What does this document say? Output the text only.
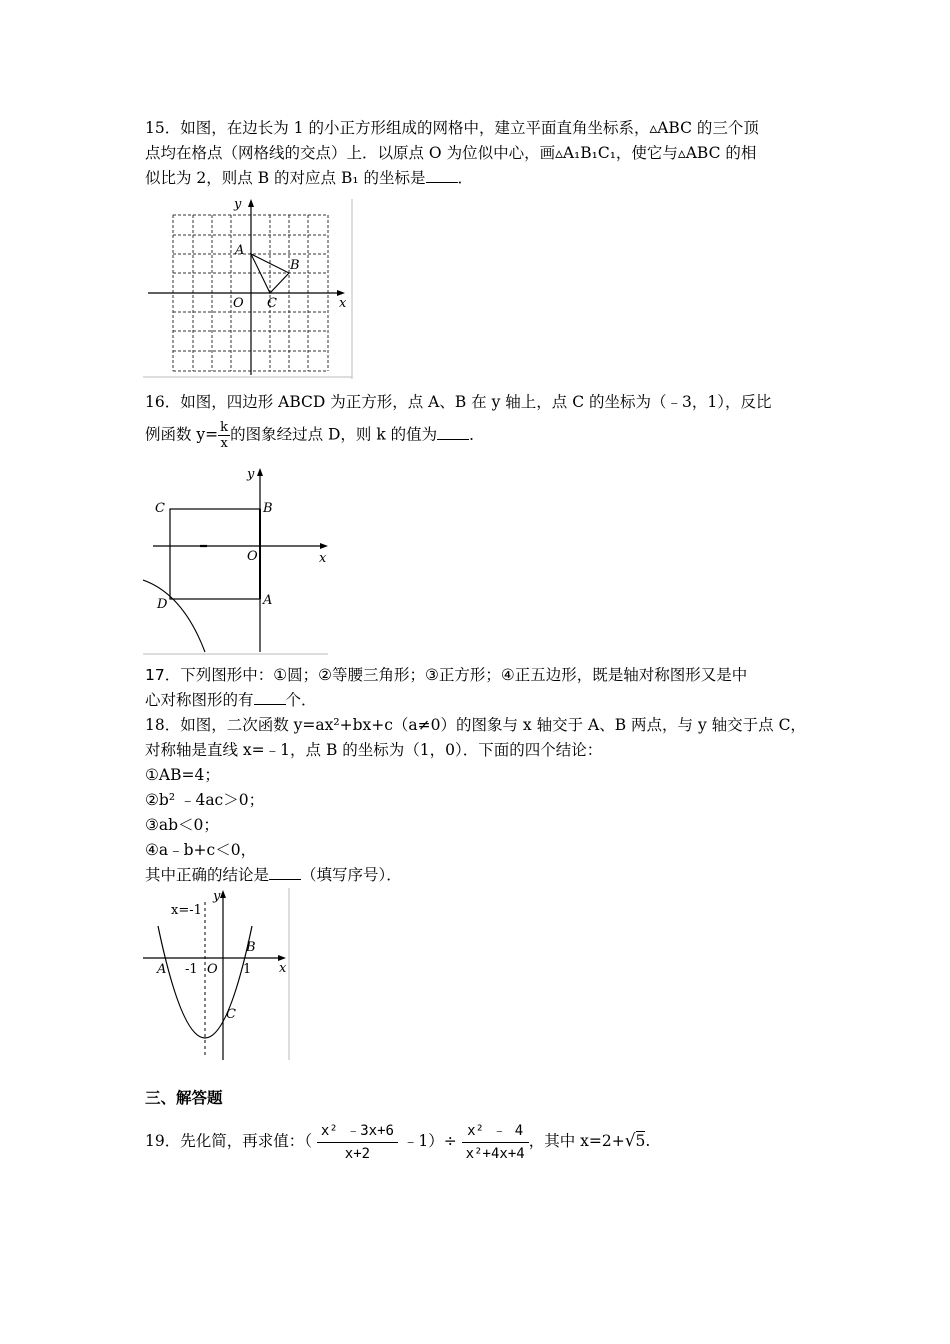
15．如图，在边长为 1 的小正方形组成的网格中，建立平面直角坐标系，▵ABC 的三个顶
点均在格点（网格线的交点）上．以原点 O 为位似中心，画▵A₁B₁C₁，使它与▵ABC 的相
似比为 2，则点 B 的对应点 B₁ 的坐标是 ．
y
x
A
B
O C
16．如图，四边形 ABCD 为正方形，点 A、B 在 y 轴上，点 C 的坐标为（﹣3，1），反比
例函数 $y= \frac{k}{x}$ 的图象经过点 D，则 k 的值为 ．
y
x
C	B
O
D	A
17．下列图形中：①圆；②等腰三角形；③正方形；④正五边形，既是轴对称图形又是中
心对称图形的有 个．
18．如图，二次函数 y=ax²+bx+c（a≠0）的图象与 x 轴交于 A、B 两点，与 y 轴交于点 C，
对称轴是直线 x=﹣1，点 B 的坐标为（1，0）．下面的四个结论：
①AB=4；
②b² ﹣4ac＞0；
③ab＜0；
④a﹣b+c＜0，
其中正确的结论是 （填写序号）．
x=-1
y
B
A -1 O 1 x
C
三、解答题
19．先化简，再求值：（ $\frac{\text{x² ﹣3x+6}}{x+2}$ ﹣1）÷ $\frac{\text{x² ﹣ 4}}{\text{x²+4x+4}}$ ，其中 x=2+√5.
